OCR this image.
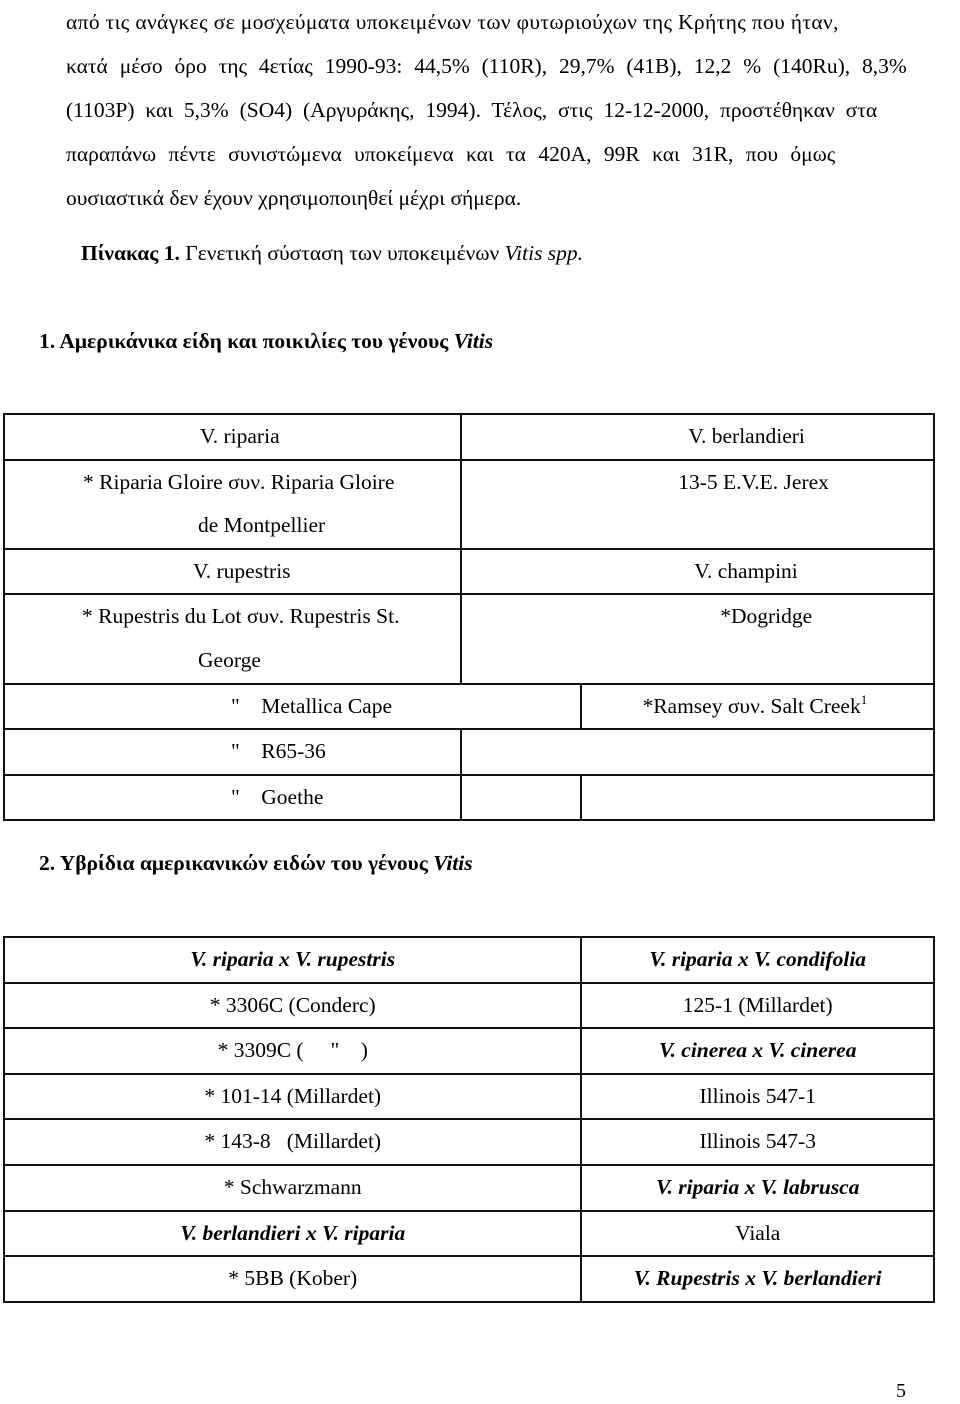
από τις ανάγκες σε μοσχεύματα υποκειμένων των φυτωριούχων της Κρήτης που ήταν,
κατά μέσο όρο της 4ετίας 1990-93: 44,5% (110R), 29,7% (41B), 12,2 % (140Ru), 8,3%
(1103P) και 5,3% (SO4) (Αργυράκης, 1994). Τέλος, στις 12-12-2000, προστέθηκαν στα
παραπάνω πέντε συνιστώμενα υποκείμενα και τα 420A, 99R και 31R, που όμως
ουσιαστικά δεν έχουν χρησιμοποιηθεί μέχρι σήμερα.
Πίνακας 1. Γενετική σύσταση των υποκειμένων Vitis spp.
1. Αμερικάνικα είδη και ποικιλίες του γένους Vitis
V. riparia	V. berlandieri	

* Riparia Gloire συν. Riparia Gloire
de Montpellier	13-5 E.V.E. Jerex	

V. rupestris	V. champini	

* Rupestris du Lot συν. Rupestris St.
George	*Dogridge	

"    Metallica Cape		*Ramsey συν. Salt Creek$^1$

"    R65-36		

"    Goethe		

2. Υβρίδια αμερικανικών ειδών του γένους Vitis
V. riparia x V. rupestris	V. riparia x V. condifolia
* 3306C (Conderc)	125-1 (Millardet)
* 3309C (     "    )	V. cinerea x V. cinerea
* 101-14 (Millardet)	Illinois 547-1
* 143-8   (Millardet)	Illinois 547-3
* Schwarzmann	V. riparia x V. labrusca
V. berlandieri x V. riparia	Viala
* 5BB (Kober)	V. Rupestris x V. berlandieri
5
